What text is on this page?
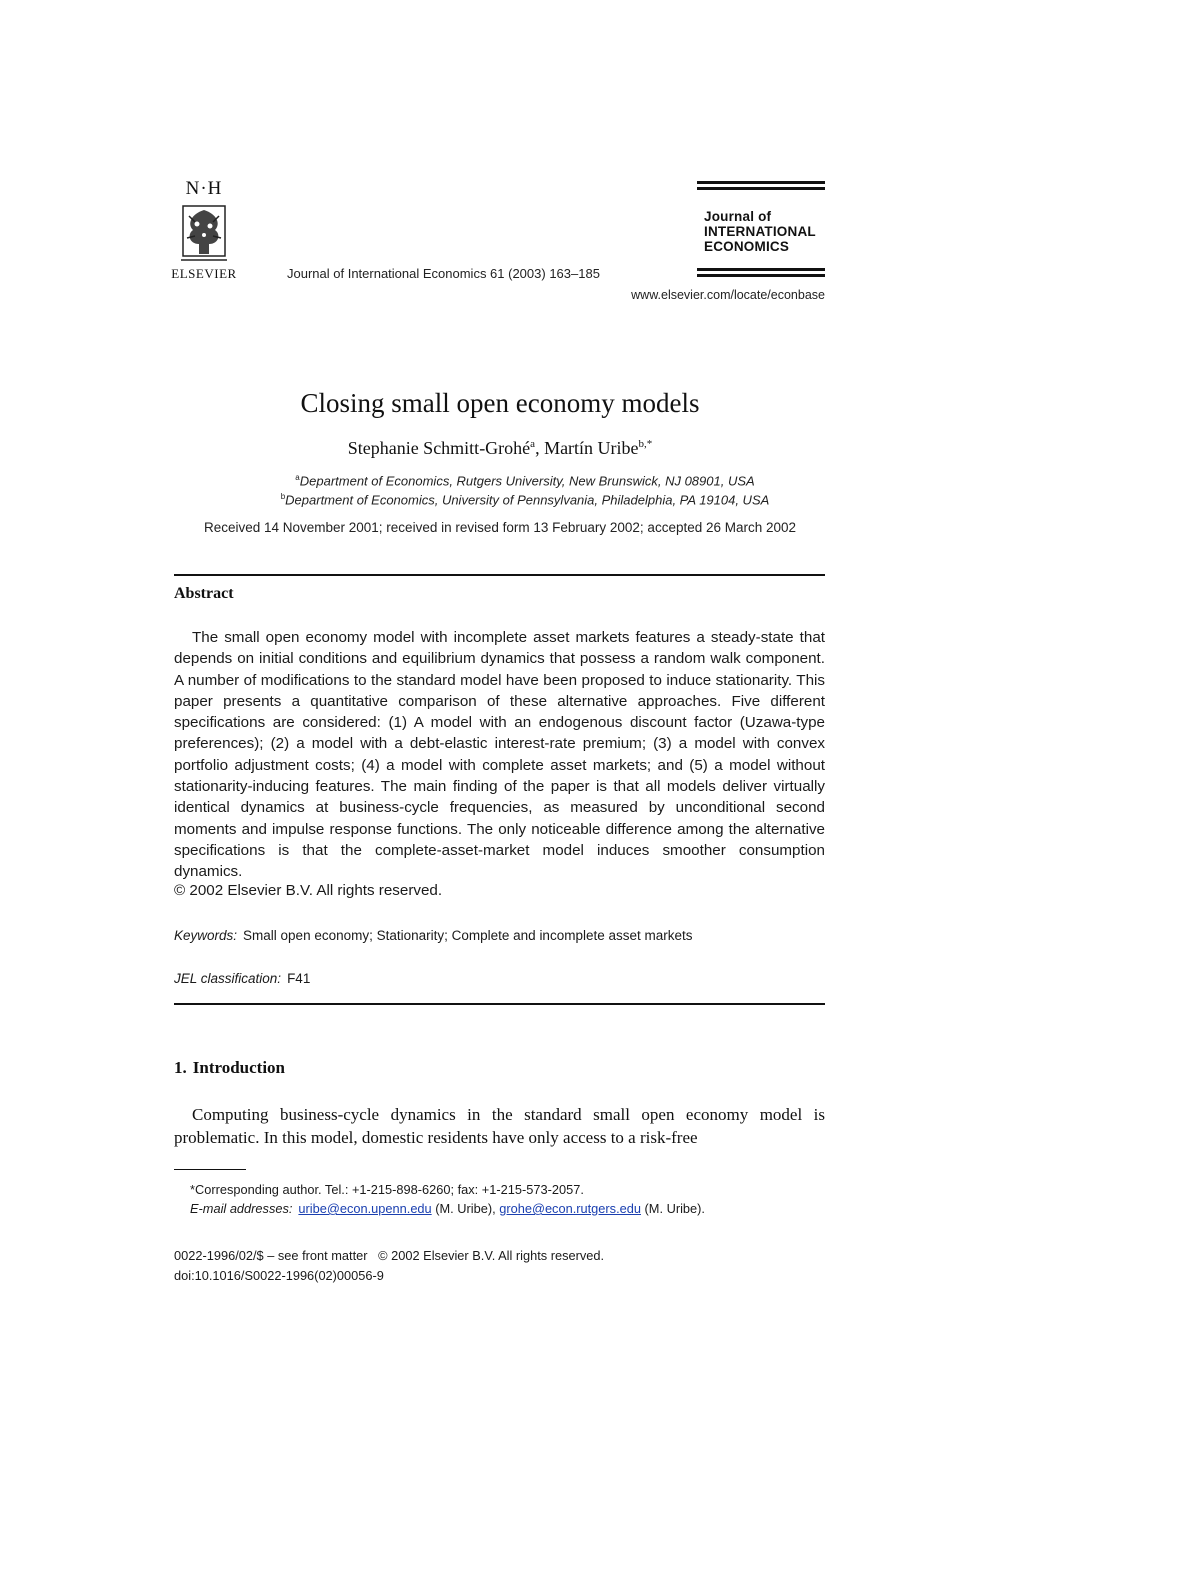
N·H
ELSEVIER	Journal of International Economics 61 (2003) 163–185
Journal of
INTERNATIONAL
ECONOMICS
www.elsevier.com/locate/econbase
Closing small open economy models
Stephanie Schmitt-Grohé$^a$, Martín Uribe$^{b,*}$
$^a$Department of Economics, Rutgers University, New Brunswick, NJ 08901, USA
$^b$Department of Economics, University of Pennsylvania, Philadelphia, PA 19104, USA
Received 14 November 2001; received in revised form 13 February 2002; accepted 26 March 2002
Abstract

The small open economy model with incomplete asset markets features a steady-state that depends on initial conditions and equilibrium dynamics that possess a random walk component. A number of modifications to the standard model have been proposed to induce stationarity. This paper presents a quantitative comparison of these alternative approaches. Five different specifications are considered: (1) A model with an endogenous discount factor (Uzawa-type preferences); (2) a model with a debt-elastic interest-rate premium; (3) a model with convex portfolio adjustment costs; (4) a model with complete asset markets; and (5) a model without stationarity-inducing features. The main finding of the paper is that all models deliver virtually identical dynamics at business-cycle frequencies, as measured by unconditional second moments and impulse response functions. The only noticeable difference among the alternative specifications is that the complete-asset-market model induces smoother consumption dynamics.

© 2002 Elsevier B.V. All rights reserved.
Keywords: Small open economy; Stationarity; Complete and incomplete asset markets
JEL classification: F41
1. Introduction

Computing business-cycle dynamics in the standard small open economy model is problematic. In this model, domestic residents have only access to a risk-free

*Corresponding author. Tel.: +1-215-898-6260; fax: +1-215-573-2057.
E-mail addresses: uribe@econ.upenn.edu (M. Uribe), grohe@econ.rutgers.edu (M. Uribe).
0022-1996/02/$ – see front matter   © 2002 Elsevier B.V. All rights reserved.
doi:10.1016/S0022-1996(02)00056-9
